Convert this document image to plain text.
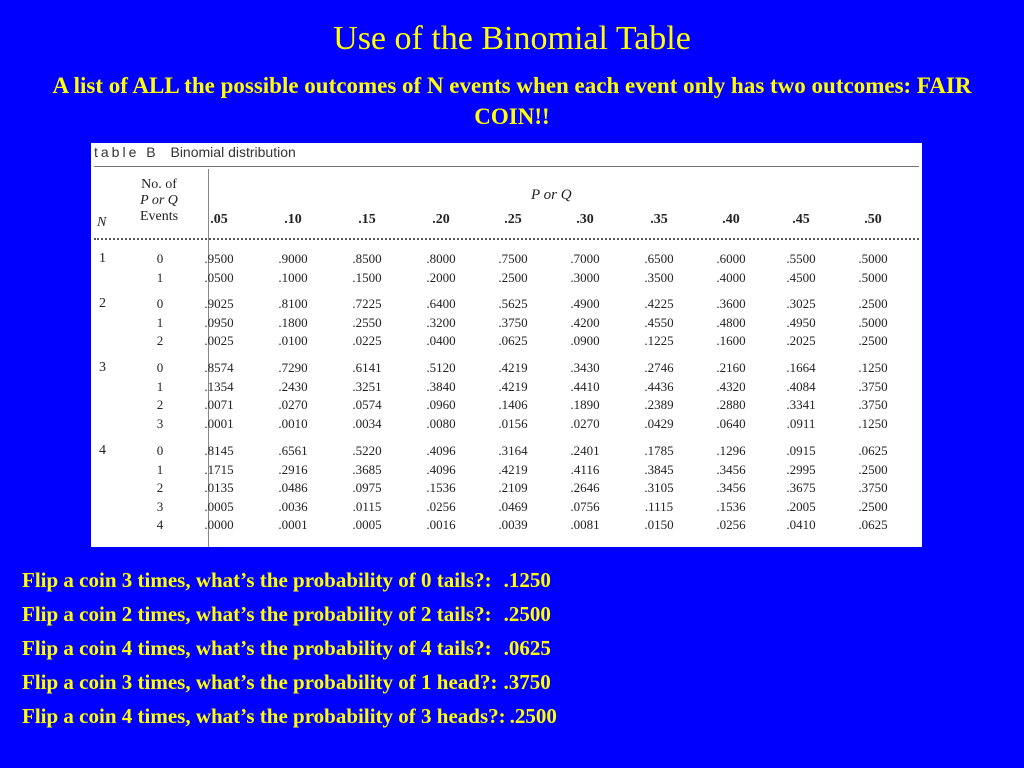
Use of the Binomial Table
A list of ALL the possible outcomes of N events when each event only has two outcomes: FAIR COIN!!
table B Binomial distribution
No. of
P or Q
Events
N
P or Q
.05	.10	.15	.20	.25	.30	.35	.40	.45	.50
1	0	.9500	.9000	.8500	.8000	.7500	.7000	.6500	.6000	.5500	.5000
1	.0500	.1000	.1500	.2000	.2500	.3000	.3500	.4000	.4500	.5000
2	0	.9025	.8100	.7225	.6400	.5625	.4900	.4225	.3600	.3025	.2500
1	.0950	.1800	.2550	.3200	.3750	.4200	.4550	.4800	.4950	.5000
2	.0025	.0100	.0225	.0400	.0625	.0900	.1225	.1600	.2025	.2500
3	0	.8574	.7290	.6141	.5120	.4219	.3430	.2746	.2160	.1664	.1250
1	.1354	.2430	.3251	.3840	.4219	.4410	.4436	.4320	.4084	.3750
2	.0071	.0270	.0574	.0960	.1406	.1890	.2389	.2880	.3341	.3750
3	.0001	.0010	.0034	.0080	.0156	.0270	.0429	.0640	.0911	.1250
4	0	.8145	.6561	.5220	.4096	.3164	.2401	.1785	.1296	.0915	.0625
1	.1715	.2916	.3685	.4096	.4219	.4116	.3845	.3456	.2995	.2500
2	.0135	.0486	.0975	.1536	.2109	.2646	.3105	.3456	.3675	.3750
3	.0005	.0036	.0115	.0256	.0469	.0756	.1115	.1536	.2005	.2500
4	.0000	.0001	.0005	.0016	.0039	.0081	.0150	.0256	.0410	.0625
Flip a coin 3 times, what’s the probability of 0 tails?: .1250
Flip a coin 2 times, what’s the probability of 2 tails?: .2500
Flip a coin 4 times, what’s the probability of 4 tails?: .0625
Flip a coin 3 times, what’s the probability of 1 head?: .3750
Flip a coin 4 times, what’s the probability of 3 heads?: .2500
